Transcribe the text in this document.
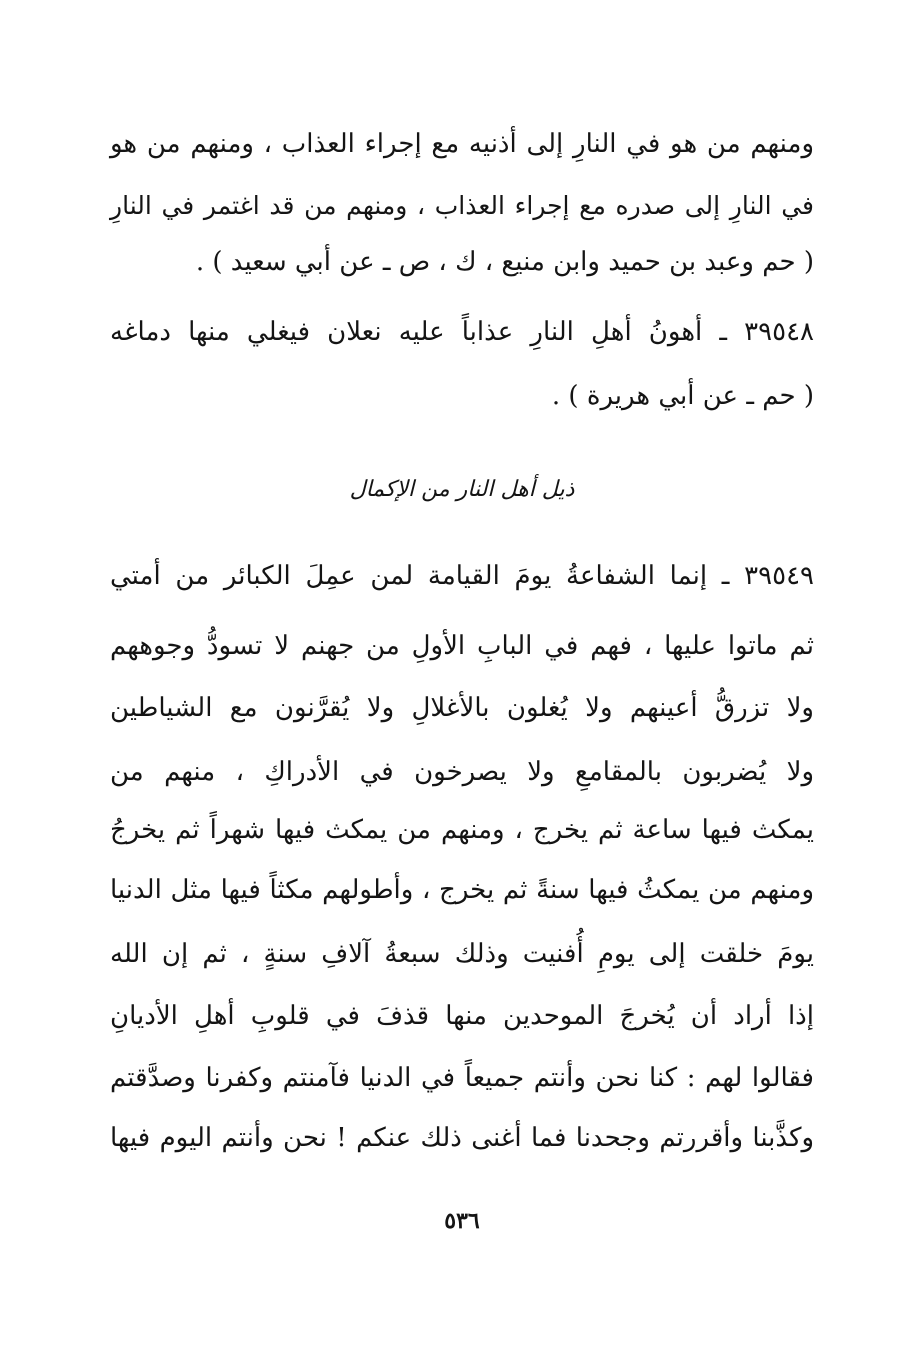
ومنهم من هو في النارِ إلى أذنيه مع إجراء العذاب ، ومنهم من هو
في النارِ إلى صدره مع إجراء العذاب ، ومنهم من قد اغتمر في النارِ
( حم وعبد بن حميد وابن منيع ، ك ، ص ـ عن أبي سعيد ) .
٣٩٥٤٨ ـ أهونُ أهلِ النارِ عذاباً عليه نعلان فيغلي منها دماغه
( حم ـ عن أبي هريرة ) .
ذيل أهل النار من الإكمال
٣٩٥٤٩ ـ إنما الشفاعةُ يومَ القيامة لمن عمِلَ الكبائر من أمتي
ثم ماتوا عليها ، فهم في البابِ الأولِ من جهنم لا تسودُّ وجوههم
ولا تزرقُّ أعينهم ولا يُغلون بالأغلالِ ولا يُقرَّنون مع الشياطين
ولا يُضربون بالمقامعِ ولا يصرخون في الأدراكِ ، منهم من
يمكث فيها ساعة ثم يخرج ، ومنهم من يمكث فيها شهراً ثم يخرجُ
ومنهم من يمكثُ فيها سنةً ثم يخرج ، وأطولهم مكثاً فيها مثل الدنيا
يومَ خلقت إلى يومِ أُفنيت وذلك سبعةُ آلافِ سنةٍ ، ثم إن الله
إذا أراد أن يُخرجَ الموحدين منها قذفَ في قلوبِ أهلِ الأديانِ
فقالوا لهم : كنا نحن وأنتم جميعاً في الدنيا فآمنتم وكفرنا وصدَّقتم
وكذَّبنا وأقررتم وجحدنا فما أغنى ذلك عنكم ! نحن وأنتم اليوم فيها
٥٣٦
